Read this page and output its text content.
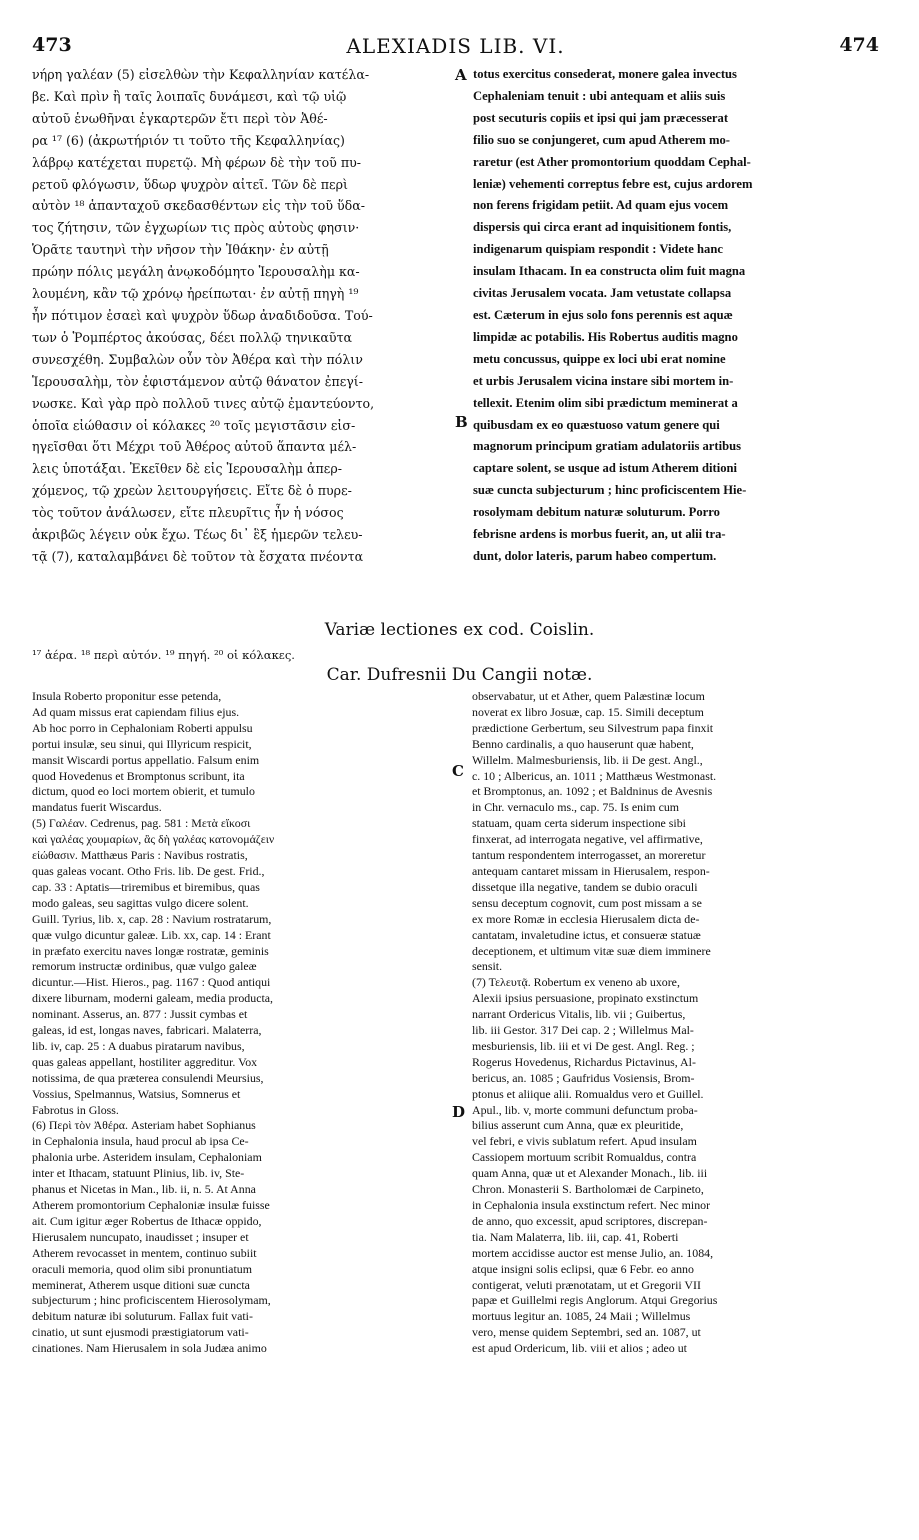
473	ALEXIADIS LIB. VI.	474
νήρη γαλέαν (5) εἰσελθὼν τὴν Κεφαλληνίαν κατέλα-
βε. Καὶ πρὶν ἢ ταῖς λοιπαῖς δυνάμεσι, καὶ τῷ υἱῷ
αὐτοῦ ἑνωθῆναι ἐγκαρτερῶν ἔτι περὶ τὸν Ἀθέ-
ρα ¹⁷ (6) (ἀκρωτήριόν τι τοῦτο τῆς Κεφαλληνίας)
λάβρῳ κατέχεται πυρετῷ. Μὴ φέρων δὲ τὴν τοῦ πυ-
ρετοῦ φλόγωσιν, ὕδωρ ψυχρὸν αἰτεῖ. Τῶν δὲ περὶ
αὐτὸν ¹⁸ ἁπανταχοῦ σκεδασθέντων εἰς τὴν τοῦ ὕδα-
τος ζήτησιν, τῶν ἐγχωρίων τις πρὸς αὐτοὺς φησιν·
Ὁρᾶτε ταυτηνὶ τὴν νῆσον τὴν Ἰθάκην· ἐν αὐτῇ
πρώην πόλις μεγάλη ἀνῳκοδόμητο Ἱερουσαλὴμ κα-
λουμένη, κἂν τῷ χρόνῳ ἠρείπωται· ἐν αὐτῇ πηγὴ ¹⁹
ἦν πότιμον ἐσαεὶ καὶ ψυχρὸν ὕδωρ ἀναδιδοῦσα. Τού-
των ὁ Ῥομπέρτος ἀκούσας, δέει πολλῷ τηνικαῦτα
συνεσχέθη. Συμβαλὼν οὖν τὸν Ἀθέρα καὶ τὴν πόλιν
Ἱερουσαλὴμ, τὸν ἐφιστάμενον αὐτῷ θάνατον ἐπεγί-
νωσκε. Καὶ γὰρ πρὸ πολλοῦ τινες αὐτῷ ἐμαντεύοντο,
ὁποῖα εἰώθασιν οἱ κόλακες ²⁰ τοῖς μεγιστᾶσιν εἰσ-
ηγεῖσθαι ὅτι Μέχρι τοῦ Ἀθέρος αὐτοῦ ἅπαντα μέλ-
λεις ὑποτάξαι. Ἐκεῖθεν δὲ εἰς Ἱερουσαλὴμ ἀπερ-
χόμενος, τῷ χρεὼν λειτουργήσεις. Εἴτε δὲ ὁ πυρε-
τὸς τοῦτον ἀνάλωσεν, εἴτε πλευρῖτις ἦν ἡ νόσος
ἀκριβῶς λέγειν οὐκ ἔχω. Τέως δι᾽ ἓξ ἡμερῶν τελευ-
τᾷ (7), καταλαμβάνει δὲ τοῦτον τὰ ἔσχατα πνέοντα
totus exercitus consederat, monere galea invectus
Cephaleniam tenuit : ubi antequam et aliis suis
post secuturis copiis et ipsi qui jam præcesserat
filio suo se conjungeret, cum apud Atherem mo-
raretur (est Ather promontorium quoddam Cephal-
leniæ) vehementi correptus febre est, cujus ardorem
non ferens frigidam petiit. Ad quam ejus vocem
dispersis qui circa erant ad inquisitionem fontis,
indigenarum quispiam respondit : Videte hanc
insulam Ithacam. In ea constructa olim fuit magna
civitas Jerusalem vocata. Jam vetustate collapsa
est. Cæterum in ejus solo fons perennis est aquæ
limpidæ ac potabilis. His Robertus auditis magno
metu concussus, quippe ex loci ubi erat nomine
et urbis Jerusalem vicina instare sibi mortem in-
tellexit. Etenim olim sibi prædictum meminerat a
quibusdam ex eo quæstuoso vatum genere qui
magnorum principum gratiam adulatoriis artibus
captare solent, se usque ad istum Atherem ditioni
suæ cuncta subjecturum ; hinc proficiscentem Hie-
rosolymam debitum naturæ soluturum. Porro
febrisne ardens is morbus fuerit, an, ut alii tra-
dunt, dolor lateris, parum habeo compertum.
A
B
C
D
Variæ lectiones ex cod. Coislin.
¹⁷ ἀέρα. ¹⁸ περὶ αὐτόν. ¹⁹ πηγή. ²⁰ οἱ κόλακες.
Car. Dufresnii Du Cangii notæ.
Insula Roberto proponitur esse petenda,
Ad quam missus erat capiendam filius ejus.
Ab hoc porro in Cephaloniam Roberti appulsu
portui insulæ, seu sinui, qui Illyricum respicit,
mansit Wiscardi portus appellatio. Falsum enim
quod Hovedenus et Bromptonus scribunt, ita
dictum, quod eo loci mortem obierit, et tumulo
mandatus fuerit Wiscardus.
(5) Γαλέαν. Cedrenus, pag. 581 : Μετὰ εἴκοσι
καὶ γαλέας χουμαρίων, ἃς δὴ γαλέας κατονομάζειν
εἰώθασιν. Matthæus Paris : Navibus rostratis,
quas galeas vocant. Otho Fris. lib. De gest. Frid.,
cap. 33 : Aptatis—triremibus et biremibus, quas
modo galeas, seu sagittas vulgo dicere solent.
Guill. Tyrius, lib. x, cap. 28 : Navium rostratarum,
quæ vulgo dicuntur galeæ. Lib. xx, cap. 14 : Erant
in præfato exercitu naves longæ rostratæ, geminis
remorum instructæ ordinibus, quæ vulgo galeæ
dicuntur.—Hist. Hieros., pag. 1167 : Quod antiqui
dixere liburnam, moderni galeam, media producta,
nominant. Asserus, an. 877 : Jussit cymbas et
galeas, id est, longas naves, fabricari. Malaterra,
lib. iv, cap. 25 : A duabus piratarum navibus,
quas galeas appellant, hostiliter aggreditur. Vox
notissima, de qua præterea consulendi Meursius,
Vossius, Spelmannus, Watsius, Somnerus et
Fabrotus in Gloss.
(6) Περὶ τὸν Ἀθέρα. Asteriam habet Sophianus
in Cephalonia insula, haud procul ab ipsa Ce-
phalonia urbe. Asteridem insulam, Cephaloniam
inter et Ithacam, statuunt Plinius, lib. iv, Ste-
phanus et Nicetas in Man., lib. ii, n. 5. At Anna
Atherem promontorium Cephaloniæ insulæ fuisse
ait. Cum igitur æger Robertus de Ithacæ oppido,
Hierusalem nuncupato, inaudisset ; insuper et
Atherem revocasset in mentem, continuo subiit
oraculi memoria, quod olim sibi pronuntiatum
meminerat, Atherem usque ditioni suæ cuncta
subjecturum ; hinc proficiscentem Hierosolymam,
debitum naturæ ibi soluturum. Fallax fuit vati-
cinatio, ut sunt ejusmodi præstigiatorum vati-
cinationes. Nam Hierusalem in sola Judæa animo
observabatur, ut et Ather, quem Palæstinæ locum
noverat ex libro Josuæ, cap. 15. Simili deceptum
prædictione Gerbertum, seu Silvestrum papa finxit
Benno cardinalis, a quo hauserunt quæ habent,
Willelm. Malmesburiensis, lib. ii De gest. Angl.,
c. 10 ; Albericus, an. 1011 ; Matthæus Westmonast.
et Bromptonus, an. 1092 ; et Baldninus de Avesnis
in Chr. vernaculo ms., cap. 75. Is enim cum
statuam, quam certa siderum inspectione sibi
finxerat, ad interrogata negative, vel affirmative,
tantum respondentem interrogasset, an moreretur
antequam cantaret missam in Hierusalem, respon-
dissetque illa negative, tandem se dubio oraculi
sensu deceptum cognovit, cum post missam a se
ex more Romæ in ecclesia Hierusalem dicta de-
cantatam, invaletudine ictus, et consueræ statuæ
deceptionem, et ultimum vitæ suæ diem imminere
sensit.
(7) Τελευτᾷ. Robertum ex veneno ab uxore,
Alexii ipsius persuasione, propinato exstinctum
narrant Ordericus Vitalis, lib. vii ; Guibertus,
lib. iii Gestor. 317 Dei cap. 2 ; Willelmus Mal-
mesburiensis, lib. iii et vi De gest. Angl. Reg. ;
Rogerus Hovedenus, Richardus Pictavinus, Al-
bericus, an. 1085 ; Gaufridus Vosiensis, Brom-
ptonus et aliique alii. Romualdus vero et Guillel.
Apul., lib. v, morte communi defunctum proba-
bilius asserunt cum Anna, quæ ex pleuritide,
vel febri, e vivis sublatum refert. Apud insulam
Cassiopem mortuum scribit Romualdus, contra
quam Anna, quæ ut et Alexander Monach., lib. iii
Chron. Monasterii S. Bartholomæi de Carpineto,
in Cephalonia insula exstinctum refert. Nec minor
de anno, quo excessit, apud scriptores, discrepan-
tia. Nam Malaterra, lib. iii, cap. 41, Roberti
mortem accidisse auctor est mense Julio, an. 1084,
atque insigni solis eclipsi, quæ 6 Febr. eo anno
contigerat, veluti prænotatam, ut et Gregorii VII
papæ et Guillelmi regis Anglorum. Atqui Gregorius
mortuus legitur an. 1085, 24 Maii ; Willelmus
vero, mense quidem Septembri, sed an. 1087, ut
est apud Ordericum, lib. viii et alios ; adeo ut
